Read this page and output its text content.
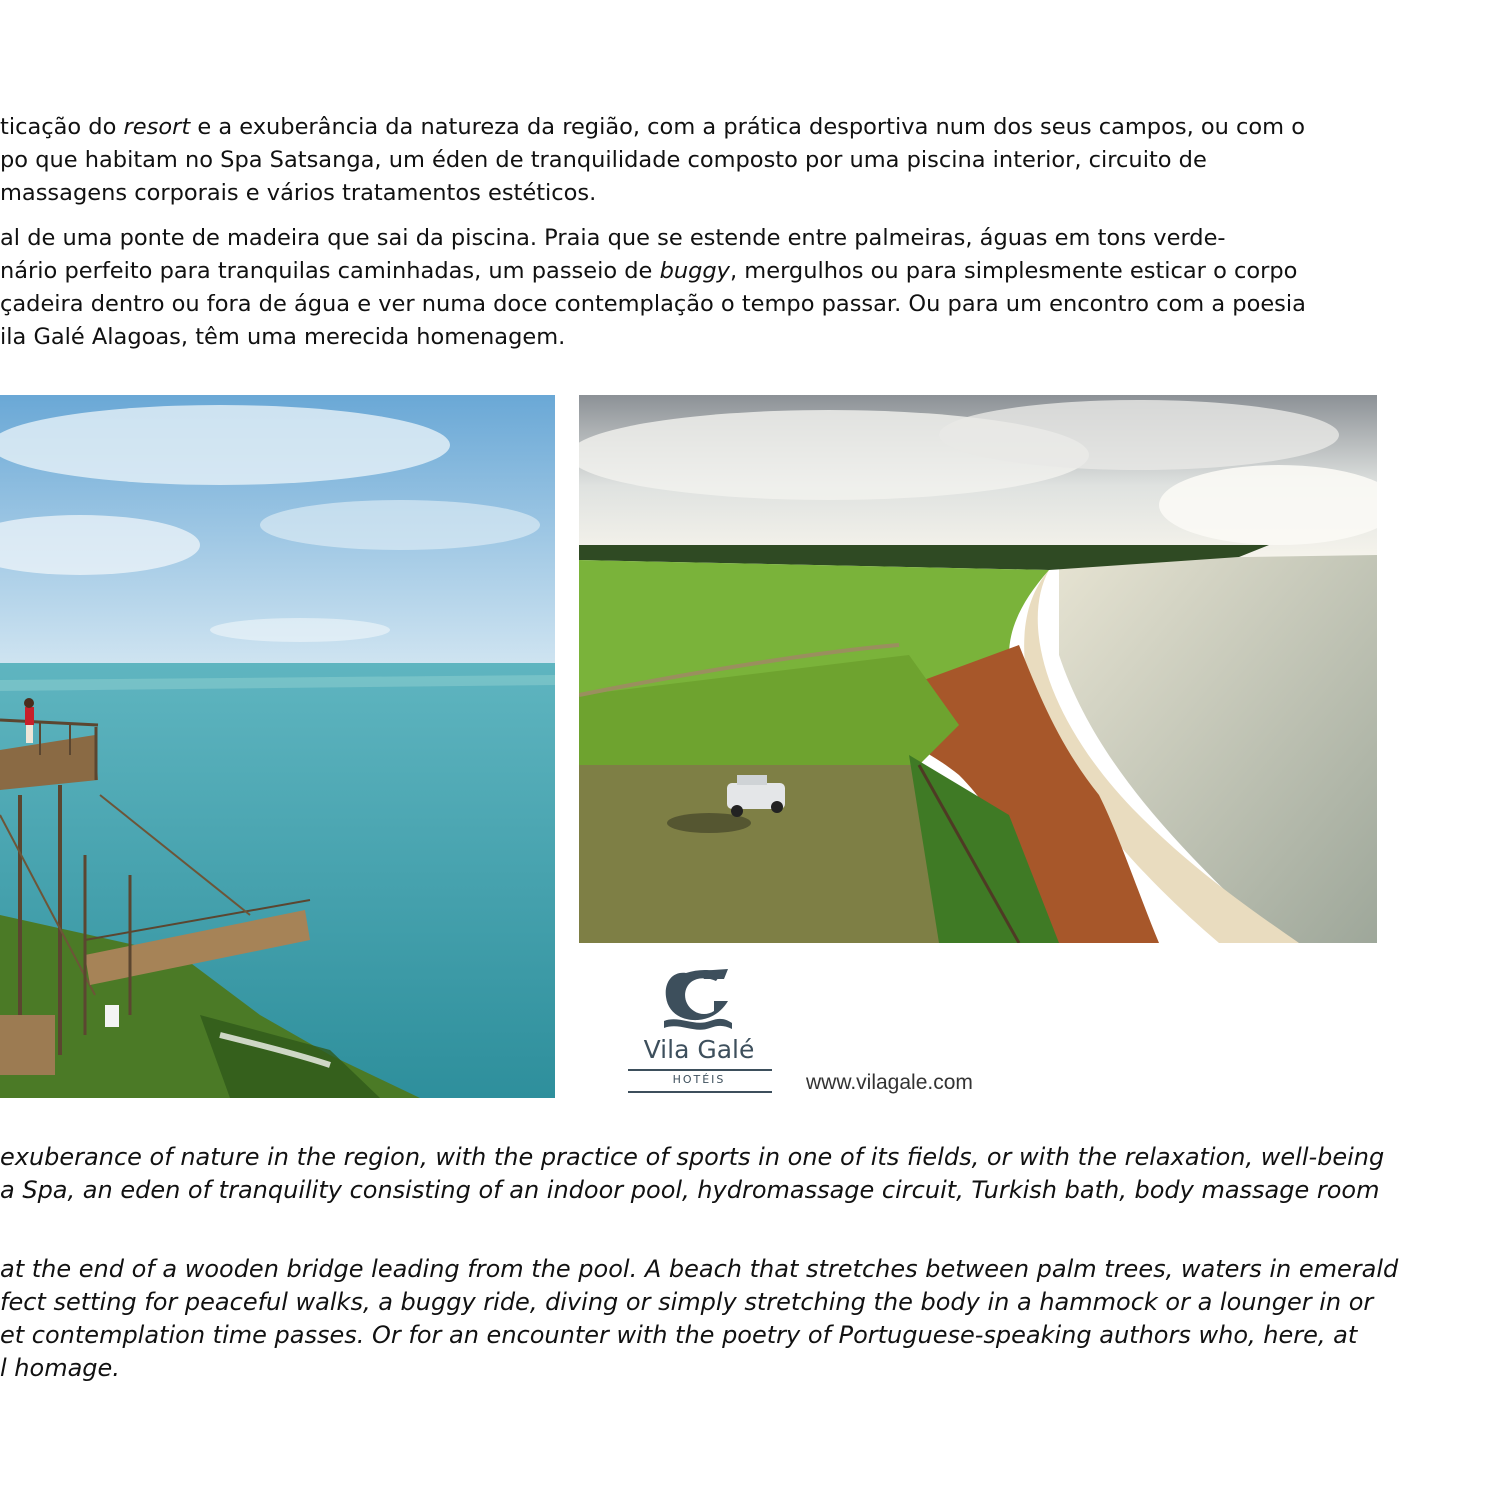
ticação do resort e a exuberância da natureza da região, com a prática desportiva num dos seus campos, ou com o
po que habitam no Spa Satsanga, um éden de tranquilidade composto por uma piscina interior, circuito de
massagens corporais e vários tratamentos estéticos.
al de uma ponte de madeira que sai da piscina. Praia que se estende entre palmeiras, águas em tons verde-
nário perfeito para tranquilas caminhadas, um passeio de buggy, mergulhos ou para simplesmente esticar o corpo
çadeira dentro ou fora de água e ver numa doce contemplação o tempo passar. Ou para um encontro com a poesia
ila Galé Alagoas, têm uma merecida homenagem.
Vila Galé
HOTÉIS	www.vilagale.com
exuberance of nature in the region, with the practice of sports in one of its fields, or with the relaxation, well-being
a Spa, an eden of tranquility consisting of an indoor pool, hydromassage circuit, Turkish bath, body massage room
at the end of a wooden bridge leading from the pool. A beach that stretches between palm trees, waters in emerald
fect setting for peaceful walks, a buggy ride, diving or simply stretching the body in a hammock or a lounger in or
et contemplation time passes. Or for an encounter with the poetry of Portuguese-speaking authors who, here, at
l homage.
